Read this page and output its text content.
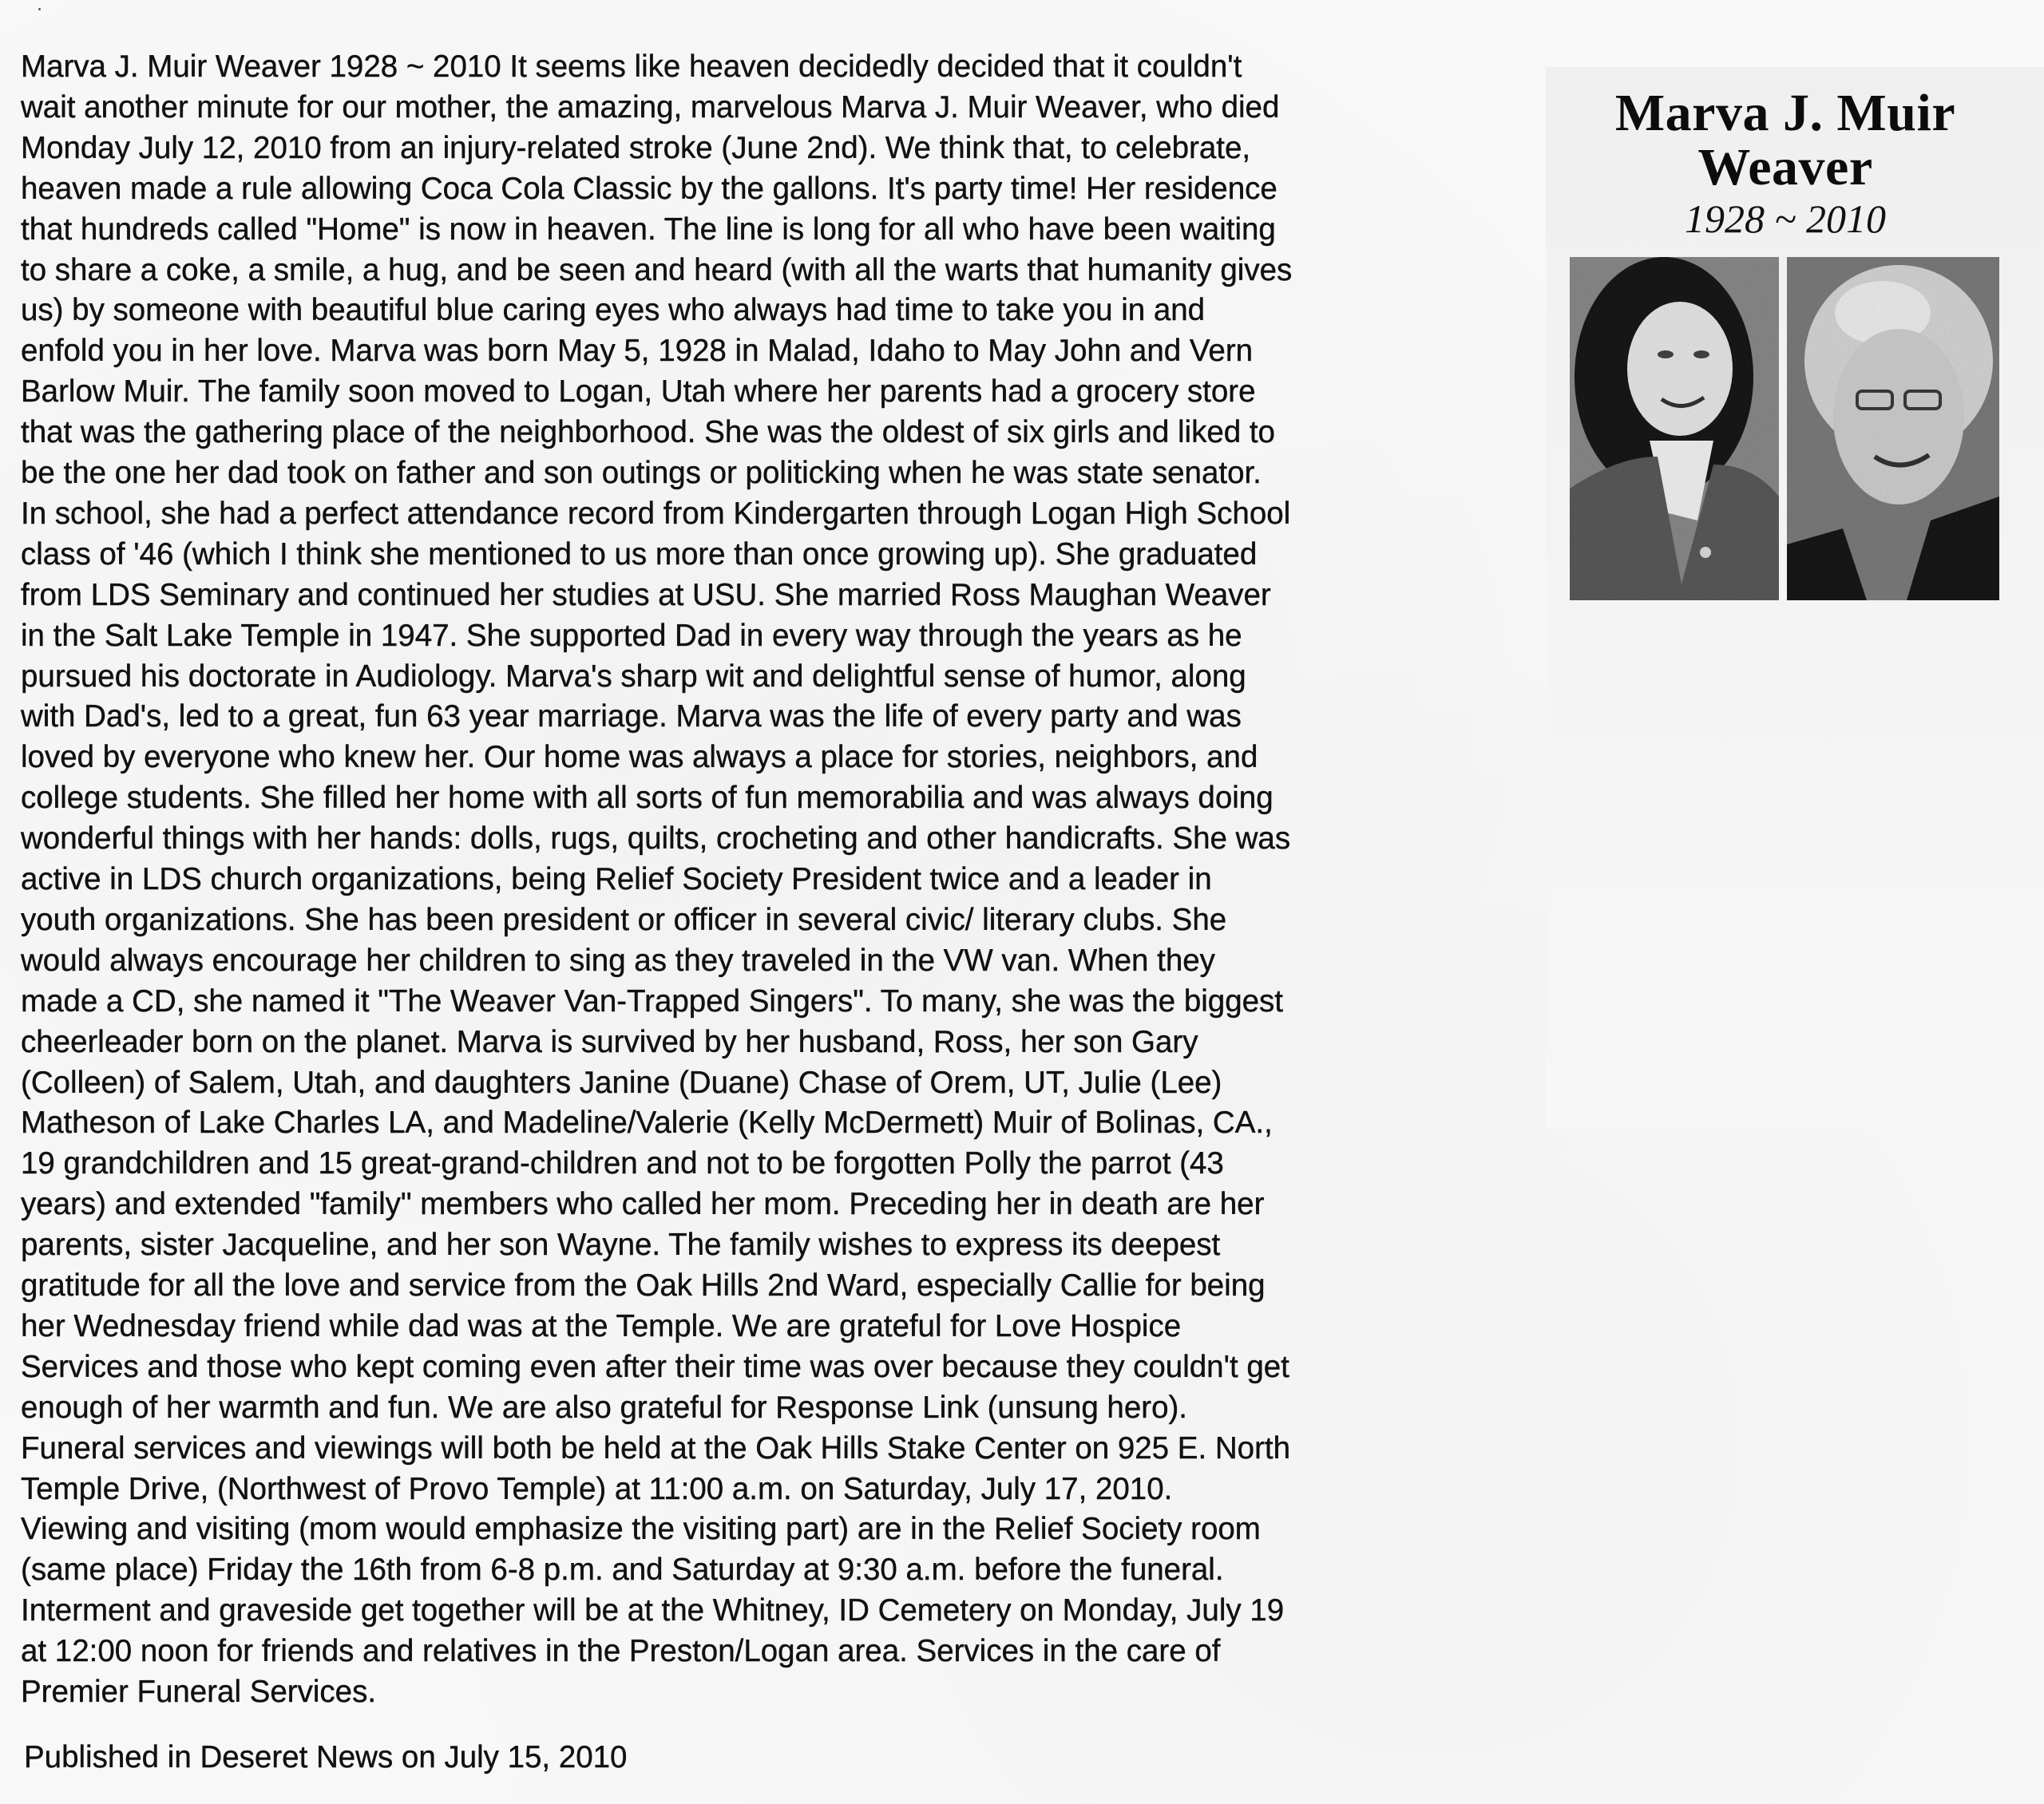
Marva J. Muir Weaver 1928 ~ 2010 It seems like heaven decidedly decided that it couldn't
wait another minute for our mother, the amazing, marvelous Marva J. Muir Weaver, who died
Monday July 12, 2010 from an injury-related stroke (June 2nd). We think that, to celebrate,
heaven made a rule allowing Coca Cola Classic by the gallons. It's party time! Her residence
that hundreds called "Home" is now in heaven. The line is long for all who have been waiting
to share a coke, a smile, a hug, and be seen and heard (with all the warts that humanity gives
us) by someone with beautiful blue caring eyes who always had time to take you in and
enfold you in her love. Marva was born May 5, 1928 in Malad, Idaho to May John and Vern
Barlow Muir. The family soon moved to Logan, Utah where her parents had a grocery store
that was the gathering place of the neighborhood. She was the oldest of six girls and liked to
be the one her dad took on father and son outings or politicking when he was state senator.
In school, she had a perfect attendance record from Kindergarten through Logan High School
class of '46 (which I think she mentioned to us more than once growing up). She graduated
from LDS Seminary and continued her studies at USU. She married Ross Maughan Weaver
in the Salt Lake Temple in 1947. She supported Dad in every way through the years as he
pursued his doctorate in Audiology. Marva's sharp wit and delightful sense of humor, along
with Dad's, led to a great, fun 63 year marriage. Marva was the life of every party and was
loved by everyone who knew her. Our home was always a place for stories, neighbors, and
college students. She filled her home with all sorts of fun memorabilia and was always doing
wonderful things with her hands: dolls, rugs, quilts, crocheting and other handicrafts. She was
active in LDS church organizations, being Relief Society President twice and a leader in
youth organizations. She has been president or officer in several civic/ literary clubs. She
would always encourage her children to sing as they traveled in the VW van. When they
made a CD, she named it "The Weaver Van-Trapped Singers". To many, she was the biggest
cheerleader born on the planet. Marva is survived by her husband, Ross, her son Gary
(Colleen) of Salem, Utah, and daughters Janine (Duane) Chase of Orem, UT, Julie (Lee)
Matheson of Lake Charles LA, and Madeline/Valerie (Kelly McDermett) Muir of Bolinas, CA.,
19 grandchildren and 15 great-grand-children and not to be forgotten Polly the parrot (43
years) and extended "family" members who called her mom. Preceding her in death are her
parents, sister Jacqueline, and her son Wayne. The family wishes to express its deepest
gratitude for all the love and service from the Oak Hills 2nd Ward, especially Callie for being
her Wednesday friend while dad was at the Temple. We are grateful for Love Hospice
Services and those who kept coming even after their time was over because they couldn't get
enough of her warmth and fun. We are also grateful for Response Link (unsung hero).
Funeral services and viewings will both be held at the Oak Hills Stake Center on 925 E. North
Temple Drive, (Northwest of Provo Temple) at 11:00 a.m. on Saturday, July 17, 2010.
Viewing and visiting (mom would emphasize the visiting part) are in the Relief Society room
(same place) Friday the 16th from 6-8 p.m. and Saturday at 9:30 a.m. before the funeral.
Interment and graveside get together will be at the Whitney, ID Cemetery on Monday, July 19
at 12:00 noon for friends and relatives in the Preston/Logan area. Services in the care of
Premier Funeral Services.
Published in Deseret News on July 15, 2010
Marva J. Muir
Weaver
1928 ~ 2010
